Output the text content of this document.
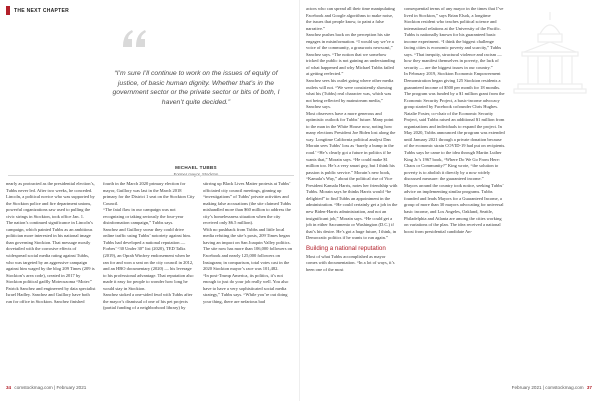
THE NEXT CHAPTER
“I’m sure I’ll continue to work on the issues of equity of justice, of basic human dignity. Whether that’s in the government sector or the private sector or bits of both, I haven’t quite decided.”
MICHAEL TUBBS
nearly as protracted as the presidential election’s, Tubbs never led. After two weeks, he conceded. Lincoln, a political novice who was supported by the Stockton police and fire department unions, powerful organizations saw used to pulling the civic strings in Stockton, took office Jan. 1.
The nation’s continued significance in Lincoln’s campaign, which painted Tubbs as an ambitious politician more interested in his national image than governing Stockton. That message mostly dovetailed with the corrosive effects of widespread social media rating against Tubbs, who was targeted by an aggressive campaign against him waged by the blog 209 Times (209 is Stockton’s area code), created in 2017 by Stockton political gadfly Motecuzoma “Motec” Patrick Sanchez and engineered by data specialist Israel Hadley. Sanchez and Guillory have both run for office in Stockton. Sanchez finished
fourth in the March 2020 primary election for mayor, Guillory was last in the March 2018 primary for the District 1 seat on the Stockton City Council.
“The fatal flaw in our campaign was not recognizing or taking seriously the four-year disinformation campaign,” Tubbs says.
Sanchez and Guillory swear they could drive online traffic using Tubbs’ notoriety against him. Tubbs had developed a national reputation — Forbes’ “30 Under 30” list (2020), TED Talks (2019), an Oprah Winfrey endorsement when he ran for and won a seat on the city council in 2012, and an HBO documentary (2020) — his leverage to his professional advantage. That reputation also made it easy for people to wonder how long he would stay in Stockton.
Sanchez stoked a one-sided feud with Tubbs after the mayor’s dismissal of one of his pet projects (partial funding of a neighborhood library) by
stirring up Black Lives Matter protests at Tubbs’ officiated city council meetings, ginning up “investigations” of Tubbs’ private activities and making false accusations (the site claimed Tubbs mishandled more than $60 million to address the city’s homelessness situation when the city received only $6.5 million).
With no pushback from Tubbs and little local media refuting the site’s posts, 209 Times began having an impact on San Joaquin Valley politics. The site now has more than 106,000 followers on Facebook and nearly 125,000 followers on Instagram; in comparison, total votes cast in the 2020 Stockton mayor’s race was 101,482.
“In post-Trump America, its politics, it’s not enough to just do your job really well. You also have to have a very sophisticated social media strategy,” Tubbs says. “While you’re out doing your thing, there are nefarious bad

actors who can spread all their time manipulating Facebook and Google algorithms to make noise, the issues that people know, to paint a false narrative.”
Sanchez pushes back on the perception his site engages in misinformation. “I would say we’re a voice of the community, a grassroots newscast,” Sanchez says. “The notion that we somehow tricked the public is not gaining an understanding of what happened and why Michael Tubbs failed at getting reelected.”
Sanchez sees his outlet going where other media outlets will not. “We were consistently showing what his (Tubbs) real character was, which was not being reflected by mainstream media,” Sanchez says.
Most observers have a more generous and optimistic outlook for Tubbs’ future. Many point to the man in the White House now, noting how many elections President Joe Biden lost along the way. Longtime California political analyst Dan Morain sees Tubbs’ loss as ‘barely a bump in the road.’ “He’s clearly got a future in politics if he wants that,” Morain says. “He could make $1 million too. He’s a very smart guy, but I think his passion is public service.” Morain’s new book, “Kamala’s Way,” about the political rise of Vice President Kamala Harris, notes her friendship with Tubbs. Morain says he thinks Harris would “be delighted” to find Tubbs an appointment in the administration. “He could certainly get a job in the new Biden-Harris administration, and not an insignificant job,” Morain says. “He could get a job in either Sacramento or Washington (D.C.) if that’s his desire. He’s got a huge future, I think, in Democratic politics if he wants to run again.”

Building a national reputation

Most of what Tubbs accomplished as mayor comes with documentation. “In a lot of ways, it’s been one of the most

consequential terms of any mayor in the times that I’ve lived in Stockton,” says Brian Elsok, a longtime Stockton resident who teaches political science and international relations at the University of the Pacific.
Tubbs is nationally known for his guaranteed basic income experiment. “I think the biggest challenge facing cities is economic poverty and scarcity,” Tubbs says. “That inequity, structural violence and racism — how they manifest themselves in poverty, the lack of security — are the biggest issues in our country.”
In February 2019, Stockton Economic Empowerment Demonstration began giving 125 Stockton residents a guaranteed income of $500 per month for 18 months. The program was funded by a $1 million grant from the Economic Security Project, a basic-income advocacy group started by Facebook cofounder Chris Hughes. Natalie Foster, co-chair of the Economic Security Project, said Tubbs raised an additional $1 million from organizations and individuals to expand the project. In May 2020, Tubbs announced the program was extended until January 2021 through a private donation because of the economic strain COVID-19 had put on recipients.
Tubbs says he came to the idea through Martin Luther King Jr.’s 1967 book, “Where Do We Go From Here: Chaos or Community?” King wrote, “the solution to poverty is to abolish it directly by a now widely discussed measure: the guaranteed income.”
Mayors around the country took notice, seeking Tubbs’ advice on implementing similar programs. Tubbs founded and leads Mayors for a Guaranteed Income, a group of more than 30 mayors advocating for universal basic income, and Los Angeles, Oakland, Seattle, Philadelphia and Atlanta are among the cities working on variations of the plan. The idea received a national boost from presidential candidate An-
34 comstockmag.com | February 2021	February 2021 | comstockmag.com 37
